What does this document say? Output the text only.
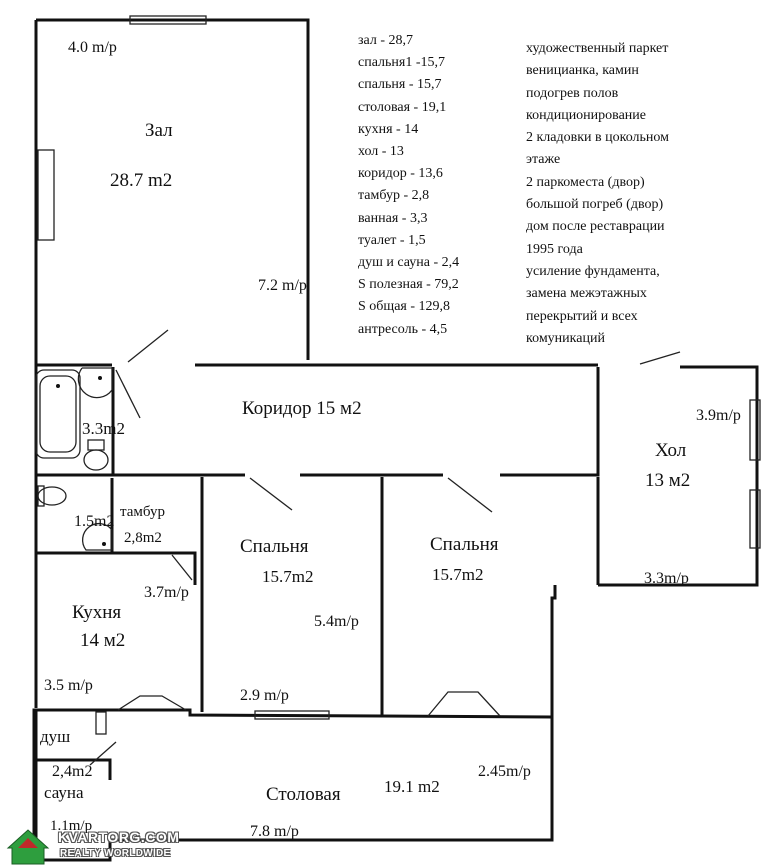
Зал
28.7 m2
Коридор 15 м2
Хол
13 м2
3.3m2
1.5m2
тамбур
2,8m2	Спальня
15.7m2
Спальня
15.7m2
Кухня
14 м2
душ
2,4m2
сауна	Столовая	19.1 m2
4.0 m/p
7.2 m/p
3.9m/p
3.3m/p
3.7m/p
5.4m/p
3.5 m/p
2.9 m/p
2.45m/p
1.1m/p	7.8 m/p
зал - 28,7
спальня1 -15,7
спальня - 15,7
столовая - 19,1
кухня - 14
хол - 13
коридор - 13,6
тамбур - 2,8
ванная - 3,3
туалет - 1,5
душ и сауна - 2,4
S полезная - 79,2
S общая - 129,8
антресоль - 4,5
художественный паркет
веницианка, камин
подогрев полов
кондиционирование
2 кладовки в цокольном
этаже
2 паркоместа (двор)
большой погреб (двор)
дом после реставрации
1995 года
усиление фундамента,
замена межэтажных
перекрытий и всех
комуникаций
KVARTORG.COM
REALTY WORLDWIDE
